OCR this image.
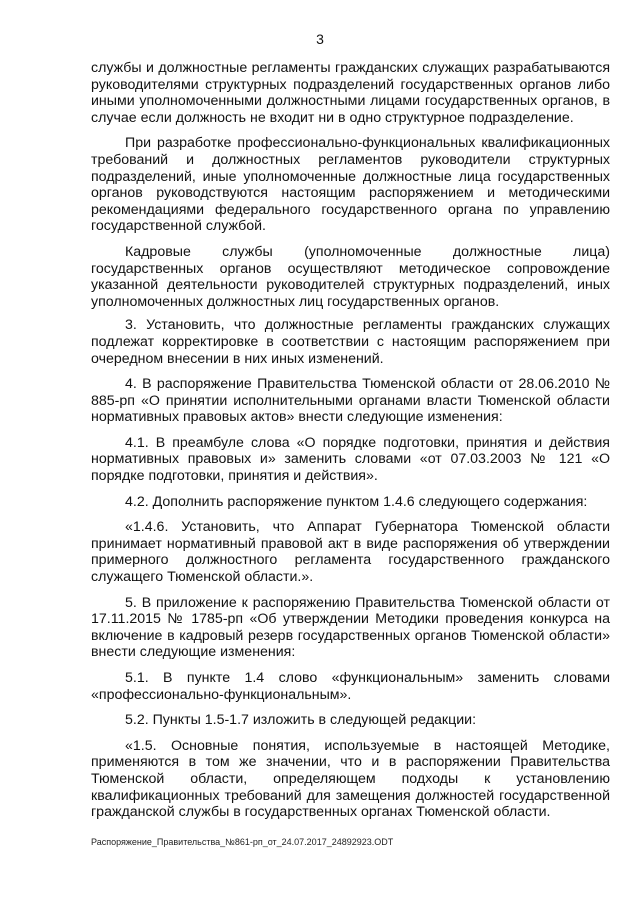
3

службы и должностные регламенты гражданских служащих разрабатываются руководителями структурных подразделений государственных органов либо иными уполномоченными должностными лицами государственных органов, в случае если должность не входит ни в одно структурное подразделение.

При разработке профессионально-функциональных квалификационных требований и должностных регламентов руководители структурных подразделений, иные уполномоченные должностные лица государственных органов руководствуются настоящим распоряжением и методическими рекомендациями федерального государственного органа по управлению государственной службой.

Кадровые службы (уполномоченные должностные лица) государственных органов осуществляют методическое сопровождение указанной деятельности руководителей структурных подразделений, иных уполномоченных должностных лиц государственных органов.

3. Установить, что должностные регламенты гражданских служащих подлежат корректировке в соответствии с настоящим распоряжением при очередном внесении в них иных изменений.

4. В распоряжение Правительства Тюменской области от 28.06.2010 № 885-рп «О принятии исполнительными органами власти Тюменской области нормативных правовых актов» внести следующие изменения:

4.1. В преамбуле слова «О порядке подготовки, принятия и действия нормативных правовых и» заменить словами «от 07.03.2003 № 121 «О порядке подготовки, принятия и действия».

4.2. Дополнить распоряжение пунктом 1.4.6 следующего содержания:

«1.4.6. Установить, что Аппарат Губернатора Тюменской области принимает нормативный правовой акт в виде распоряжения об утверждении примерного должностного регламента государственного гражданского служащего Тюменской области.».

5. В приложение к распоряжению Правительства Тюменской области от 17.11.2015 № 1785-рп «Об утверждении Методики проведения конкурса на включение в кадровый резерв государственных органов Тюменской области» внести следующие изменения:

5.1. В пункте 1.4 слово «функциональным» заменить словами «профессионально-функциональным».

5.2. Пункты 1.5-1.7 изложить в следующей редакции:

«1.5. Основные понятия, используемые в настоящей Методике, применяются в том же значении, что и в распоряжении Правительства Тюменской области, определяющем подходы к установлению квалификационных требований для замещения должностей государственной гражданской службы в государственных органах Тюменской области.

Распоряжение_Правительства_№861-рп_от_24.07.2017_24892923.ODT
